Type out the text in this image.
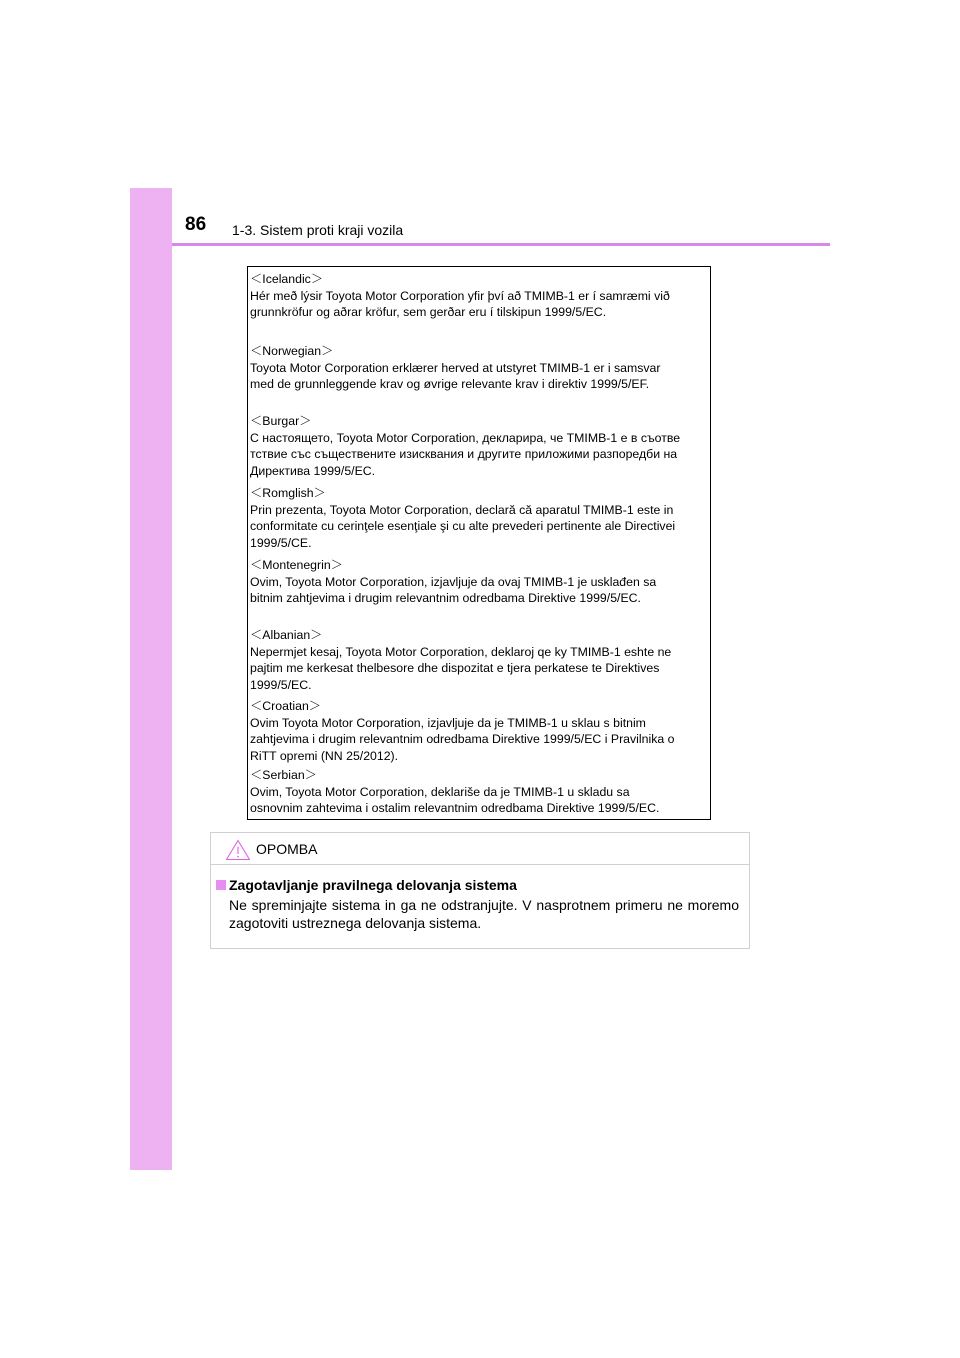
86 1-3. Sistem proti kraji vozila
＜Icelandic＞
Hér með lýsir Toyota Motor Corporation yfir því að TMIMB-1 er í samræmi við
grunnkröfur og aðrar kröfur, sem gerðar eru í tilskipun 1999/5/EC.
＜Norwegian＞
Toyota Motor Corporation erklærer herved at utstyret TMIMB-1 er i samsvar
med de grunnleggende krav og øvrige relevante krav i direktiv 1999/5/EF.
＜Burgar＞
С настоящето, Toyota Motor Corporation, декларира, че TMIMB-1 е в съотве
тствие със съществените изисквания и другите приложими разпоредби на
Директива 1999/5/EC.
＜Romglish＞
Prin prezenta, Toyota Motor Corporation, declară că aparatul TMIMB-1 este in
conformitate cu cerinţele esenţiale şi cu alte prevederi pertinente ale Directivei
1999/5/CE.
＜Montenegrin＞
Ovim, Toyota Motor Corporation, izjavljuje da ovaj TMIMB-1 je usklađen sa
bitnim zahtjevima i drugim relevantnim odredbama Direktive 1999/5/EC.
＜Albanian＞
Nepermjet kesaj, Toyota Motor Corporation, deklaroj qe ky TMIMB-1 eshte ne
pajtim me kerkesat thelbesore dhe dispozitat e tjera perkatese te Direktives
1999/5/EC.
＜Croatian＞
Ovim Toyota Motor Corporation, izjavljuje da je TMIMB-1 u sklau s bitnim
zahtjevima i drugim relevantnim odredbama Direktive 1999/5/EC i Pravilnika o
RiTT opremi (NN 25/2012).
＜Serbian＞
Ovim, Toyota Motor Corporation, deklariše da je TMIMB-1 u skladu sa
osnovnim zahtevima i ostalim relevantnim odredbama Direktive 1999/5/EC.
OPOMBA
Zagotavljanje pravilnega delovanja sistema
Ne spreminjajte sistema in ga ne odstranjujte. V nasprotnem primeru ne moremo zagotoviti ustreznega delovanja sistema.
